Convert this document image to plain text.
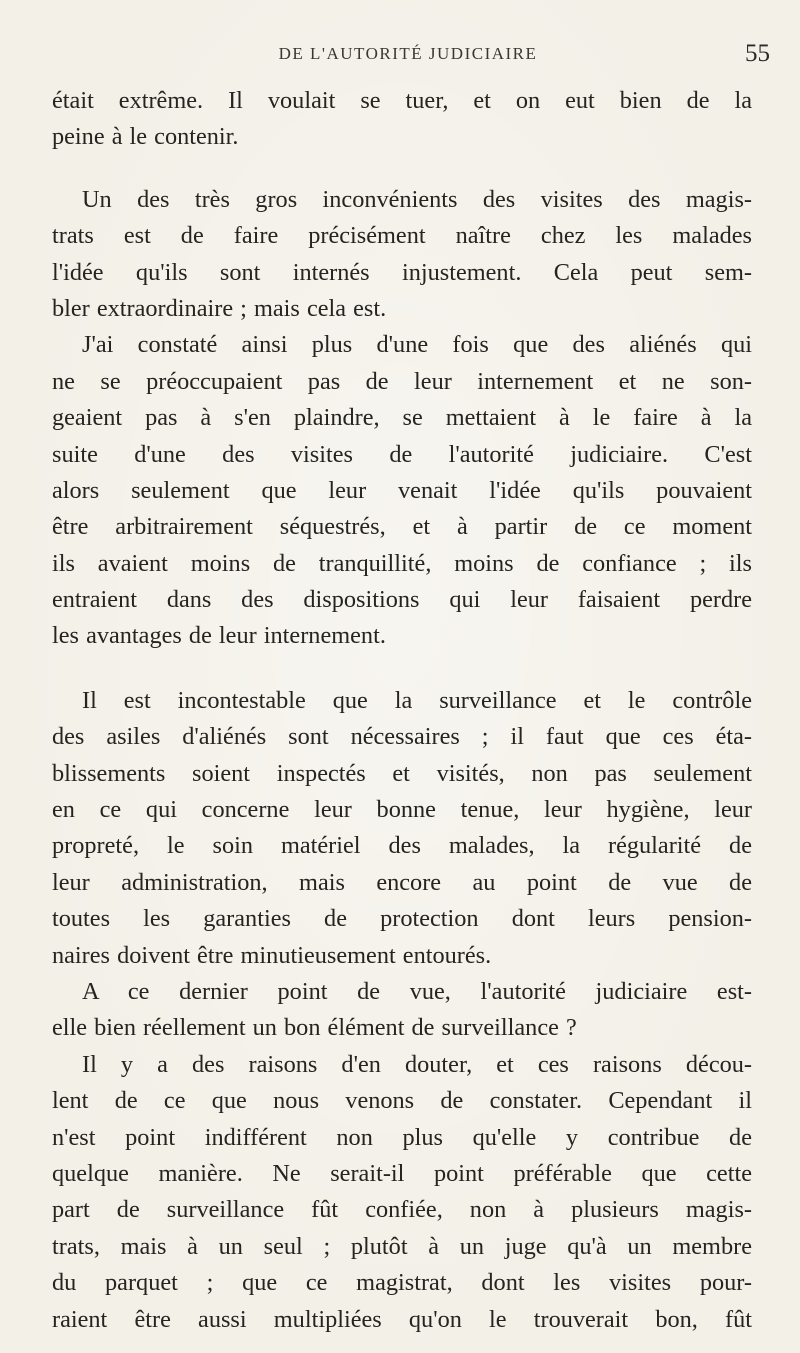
DE L'AUTORITÉ JUDICIAIRE	55
était extrême. Il voulait se tuer, et on eut bien de la
peine à le contenir.
Un des très gros inconvénients des visites des magis-
trats est de faire précisément naître chez les malades
l'idée qu'ils sont internés injustement. Cela peut sem-
bler extraordinaire ; mais cela est.
J'ai constaté ainsi plus d'une fois que des aliénés qui
ne se préoccupaient pas de leur internement et ne son-
geaient pas à s'en plaindre, se mettaient à le faire à la
suite d'une des visites de l'autorité judiciaire. C'est
alors seulement que leur venait l'idée qu'ils pouvaient
être arbitrairement séquestrés, et à partir de ce moment
ils avaient moins de tranquillité, moins de confiance ; ils
entraient dans des dispositions qui leur faisaient perdre
les avantages de leur internement.
Il est incontestable que la surveillance et le contrôle
des asiles d'aliénés sont nécessaires ; il faut que ces éta-
blissements soient inspectés et visités, non pas seulement
en ce qui concerne leur bonne tenue, leur hygiène, leur
propreté, le soin matériel des malades, la régularité de
leur administration, mais encore au point de vue de
toutes les garanties de protection dont leurs pension-
naires doivent être minutieusement entourés.
A ce dernier point de vue, l'autorité judiciaire est-
elle bien réellement un bon élément de surveillance ?
Il y a des raisons d'en douter, et ces raisons décou-
lent de ce que nous venons de constater. Cependant il
n'est point indifférent non plus qu'elle y contribue de
quelque manière. Ne serait-il point préférable que cette
part de surveillance fût confiée, non à plusieurs magis-
trats, mais à un seul ; plutôt à un juge qu'à un membre
du parquet ; que ce magistrat, dont les visites pour-
raient être aussi multipliées qu'on le trouverait bon, fût
